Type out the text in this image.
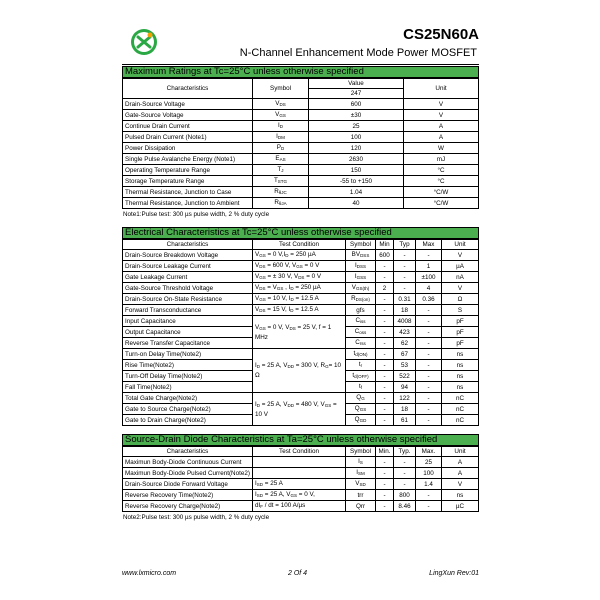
CS25N60A
N-Channel Enhancement Mode Power MOSFET
Maximum Ratings at Tc=25°C unless otherwise specified
Characteristics	Symbol	Value	Unit
		247	
Drain-Source Voltage	$V_{DS}$	600	V
Gate-Source Voltage	$V_{GS}$	±30	V
Continue Drain Current	$I_D$	25	A
Pulsed Drain Current (Note1)	$I_{DM}$	100	A
Power Dissipation	$P_D$	120	W
Single Pulse Avalanche Energy (Note1)	$E_{AS}$	2630	mJ
Operating Temperature Range	$T_J$	150	°C
Storage Temperature Range	$T_{STG}$	-55 to +150	°C
Thermal Resistance, Junction to Case	$R_{\theta JC}$	1.04	°C/W
Thermal Resistance, Junction to Ambient	$R_{\theta JA}$	40	°C/W
Note1:Pulse test: 300 µs pulse width, 2 % duty cycle
Electrical Characteristics at Tc=25°C unless otherwise specified
Characteristics	Test Condition	Symbol	Min	Typ	Max	Unit
Drain-Source Breakdown Voltage	$V_{GS} = 0$ $V,I_D = 250$ µA	$BV_{DSS}$	600	-	-	V
Drain-Source Leakage Current	$V_{DS} = 600$ V, $V_{GS} = 0$ V	$I_{DSS}$	-	-	1	µA
Gate Leakage Current	$V_{GS}$ = ± 30 V, $V_{DS} = 0$ V	$I_{GSS}$	-	-	±100	nA
Gate-Source Threshold Voltage	$V_{DS} = V_{GS}$ , $I_D = 250$ µA	$V_{GS(th)}$	2	-	4	V
Drain-Source On-State Resistance	$V_{GS} = 10$ V, $I_D = 12.5$ A	$R_{DS(on)}$	-	0.31	0.36	Ω
Forward Transconductance	$V_{DS} = 15$ V, $I_D = 12.5$ A	gfs	-	18	-	S
Input Capacitance	$V_{GS} = 0$ V, $V_{DS} = 25$ V, f = 1 MHz	$C_{iss}$	-	4008	-	pF
Output Capacitance		$C_{oss}$	-	423	-	pF
Reverse Transfer Capacitance		$C_{rss}$	-	62	-	pF
Turn-on Delay Time(Note2)	$I_D = 25$ A, $V_{DD} = 300$ V, $R_G= 10$ Ω	$t_{d(ON)}$	-	67	-	ns
Rise Time(Note2)		$t_r$	-	53	-	ns
Turn-Off Delay Time(Note2)		$t_{d(OFF)}$	-	522	-	ns
Fall Time(Note2)		$t_f$	-	94	-	ns
Total Gate Charge(Note2)	$I_D = 25$ A, $V_{DD} = 480$ V, $V_{GS} = 10$ V	$Q_G$	-	122	-	nC
Gate to Source Charge(Note2)		$Q_{GS}$	-	18	-	nC
Gate to Drain Charge(Note2)		$Q_{GD}$	-	61	-	nC
Source-Drain Diode Characteristics at Ta=25°C unless otherwise specified
Characteristics	Test Condition	Symbol	Min.	Typ.	Max.	Unit
Maximun Body-Diode Continuous Current		$I_S$	-	-	25	A
Maximun Body-Diode Pulsed Current(Note2)		$I_{SM}$	-	-	100	A
Drain-Source Diode Forward Voltage	$I_{SD} = 25$ A	$V_{SD}$	-	-	1.4	V
Reverse Recovery Time(Note2)	$I_{SD} = 25$ A, $V_{GS} = 0$ V,	trr	-	800	-	ns
Reverse Recovery Charge(Note2)	$dI_F$ / dt = 100 A/µs	Qrr	-	8.46	-	µC
Note2:Pulse test: 300 µs pulse width, 2 % duty cycle
www.lxmicro.com	2 Of 4	LingXun Rev:01
